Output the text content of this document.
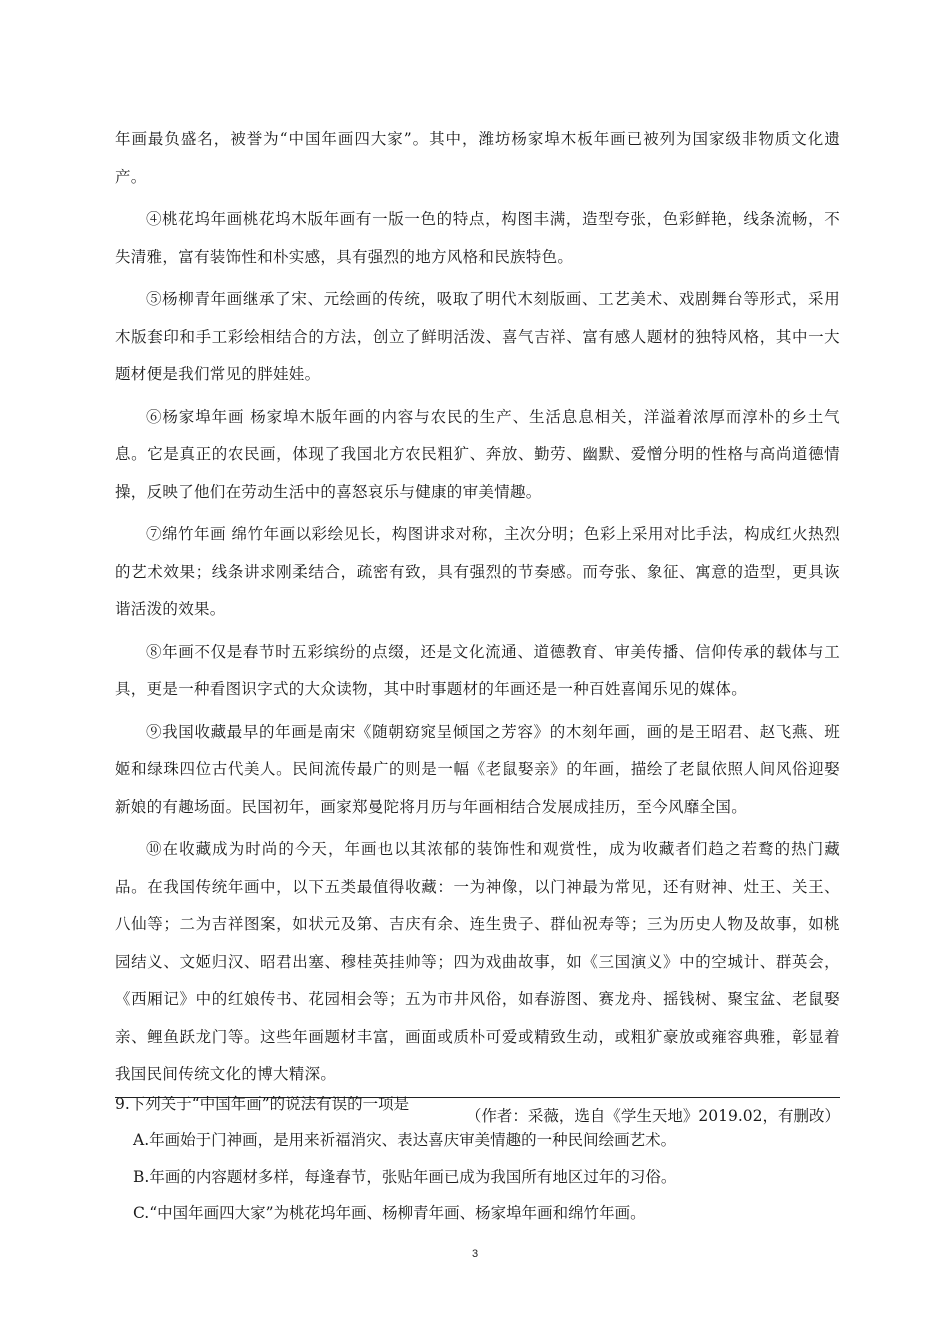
年画最负盛名，被誉为“中国年画四大家”。其中，潍坊杨家埠木板年画已被列为国家级非物质文化遗产。

④桃花坞年画桃花坞木版年画有一版一色的特点，构图丰满，造型夸张，色彩鲜艳，线条流畅，不失清雅，富有装饰性和朴实感，具有强烈的地方风格和民族特色。

⑤杨柳青年画继承了宋、元绘画的传统，吸取了明代木刻版画、工艺美术、戏剧舞台等形式，采用木版套印和手工彩绘相结合的方法，创立了鲜明活泼、喜气吉祥、富有感人题材的独特风格，其中一大题材便是我们常见的胖娃娃。

⑥杨家埠年画 杨家埠木版年画的内容与农民的生产、生活息息相关，洋溢着浓厚而淳朴的乡土气息。它是真正的农民画，体现了我国北方农民粗犷、奔放、勤劳、幽默、爱憎分明的性格与高尚道德情操，反映了他们在劳动生活中的喜怒哀乐与健康的审美情趣。

⑦绵竹年画 绵竹年画以彩绘见长，构图讲求对称，主次分明；色彩上采用对比手法，构成红火热烈的艺术效果；线条讲求刚柔结合，疏密有致，具有强烈的节奏感。而夸张、象征、寓意的造型，更具诙谐活泼的效果。

⑧年画不仅是春节时五彩缤纷的点缀，还是文化流通、道德教育、审美传播、信仰传承的载体与工具，更是一种看图识字式的大众读物，其中时事题材的年画还是一种百姓喜闻乐见的媒体。

⑨我国收藏最早的年画是南宋《随朝窈窕呈倾国之芳容》的木刻年画，画的是王昭君、赵飞燕、班姬和绿珠四位古代美人。民间流传最广的则是一幅《老鼠娶亲》的年画，描绘了老鼠依照人间风俗迎娶新娘的有趣场面。民国初年，画家郑曼陀将月历与年画相结合发展成挂历，至今风靡全国。

⑩在收藏成为时尚的今天，年画也以其浓郁的装饰性和观赏性，成为收藏者们趋之若鹜的热门藏品。在我国传统年画中，以下五类最值得收藏：一为神像，以门神最为常见，还有财神、灶王、关王、八仙等；二为吉祥图案，如状元及第、吉庆有余、连生贵子、群仙祝寿等；三为历史人物及故事，如桃园结义、文姬归汉、昭君出塞、穆桂英挂帅等；四为戏曲故事，如《三国演义》中的空城计、群英会，《西厢记》中的红娘传书、花园相会等；五为市井风俗，如春游图、赛龙舟、摇钱树、聚宝盆、老鼠娶亲、鲤鱼跃龙门等。这些年画题材丰富，画面或质朴可爱或精致生动，或粗犷豪放或雍容典雅，彰显着我国民间传统文化的博大精深。

（作者：采薇，选自《学生天地》2019.02，有删改）

9.下列关于“中国年画”的说法有误的一项是

A.年画始于门神画，是用来祈福消灾、表达喜庆审美情趣的一种民间绘画艺术。

B.年画的内容题材多样，每逢春节，张贴年画已成为我国所有地区过年的习俗。

C.“中国年画四大家”为桃花坞年画、杨柳青年画、杨家埠年画和绵竹年画。

3
